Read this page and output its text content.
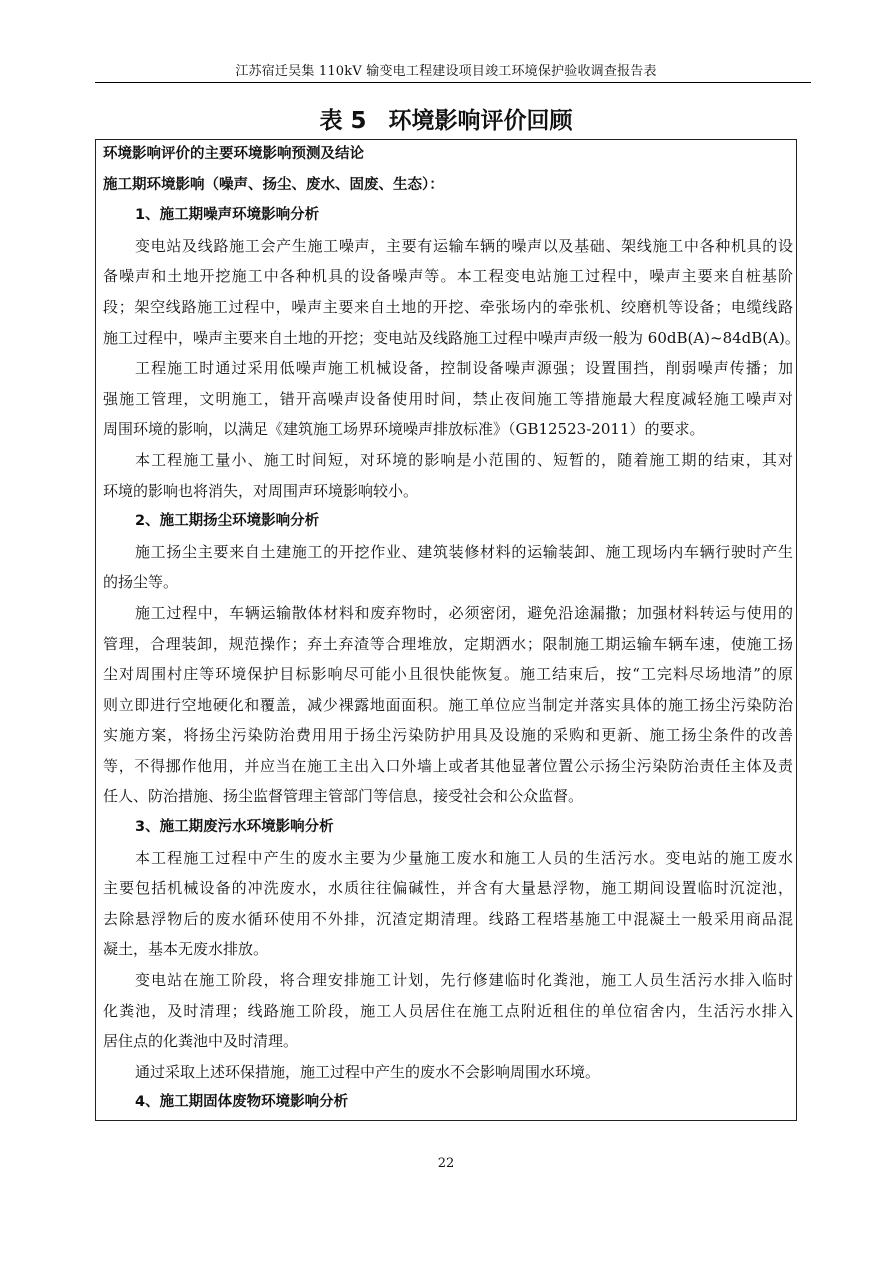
江苏宿迁吴集 110kV 输变电工程建设项目竣工环境保护验收调查报告表
表 5 环境影响评价回顾

环境影响评价的主要环境影响预测及结论

施工期环境影响（噪声、扬尘、废水、固废、生态）：

1、施工期噪声环境影响分析

变电站及线路施工会产生施工噪声，主要有运输车辆的噪声以及基础、架线施工中各种机具的设

备噪声和土地开挖施工中各种机具的设备噪声等。本工程变电站施工过程中，噪声主要来自桩基阶

段；架空线路施工过程中，噪声主要来自土地的开挖、牵张场内的牵张机、绞磨机等设备；电缆线路

施工过程中，噪声主要来自土地的开挖；变电站及线路施工过程中噪声声级一般为 60dB(A)~84dB(A)。

工程施工时通过采用低噪声施工机械设备，控制设备噪声源强；设置围挡，削弱噪声传播；加

强施工管理，文明施工，错开高噪声设备使用时间，禁止夜间施工等措施最大程度减轻施工噪声对

周围环境的影响，以满足《建筑施工场界环境噪声排放标准》（GB12523-2011）的要求。

本工程施工量小、施工时间短，对环境的影响是小范围的、短暂的，随着施工期的结束，其对

环境的影响也将消失，对周围声环境影响较小。

2、施工期扬尘环境影响分析

施工扬尘主要来自土建施工的开挖作业、建筑装修材料的运输装卸、施工现场内车辆行驶时产生

的扬尘等。

施工过程中，车辆运输散体材料和废弃物时，必须密闭，避免沿途漏撒；加强材料转运与使用的

管理，合理装卸，规范操作；弃土弃渣等合理堆放，定期洒水；限制施工期运输车辆车速，使施工扬

尘对周围村庄等环境保护目标影响尽可能小且很快能恢复。施工结束后，按“工完料尽场地清”的原

则立即进行空地硬化和覆盖，减少裸露地面面积。施工单位应当制定并落实具体的施工扬尘污染防治

实施方案，将扬尘污染防治费用用于扬尘污染防护用具及设施的采购和更新、施工扬尘条件的改善

等，不得挪作他用，并应当在施工主出入口外墙上或者其他显著位置公示扬尘污染防治责任主体及责

任人、防治措施、扬尘监督管理主管部门等信息，接受社会和公众监督。

3、施工期废污水环境影响分析

本工程施工过程中产生的废水主要为少量施工废水和施工人员的生活污水。变电站的施工废水

主要包括机械设备的冲洗废水，水质往往偏碱性，并含有大量悬浮物，施工期间设置临时沉淀池，

去除悬浮物后的废水循环使用不外排，沉渣定期清理。线路工程塔基施工中混凝土一般采用商品混

凝土，基本无废水排放。

变电站在施工阶段，将合理安排施工计划，先行修建临时化粪池，施工人员生活污水排入临时

化粪池，及时清理；线路施工阶段，施工人员居住在施工点附近租住的单位宿舍内，生活污水排入

居住点的化粪池中及时清理。

通过采取上述环保措施，施工过程中产生的废水不会影响周围水环境。

4、施工期固体废物环境影响分析

22
